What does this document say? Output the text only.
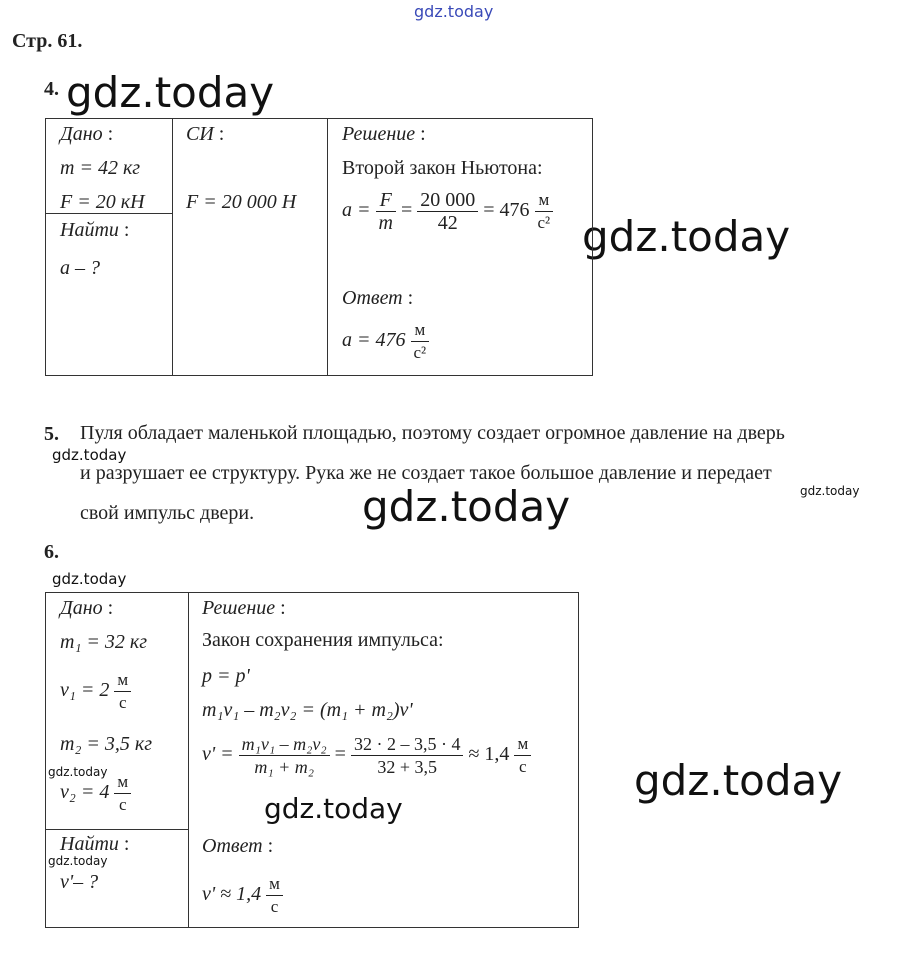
gdz.today
gdz.today
gdz.today
gdz.today
gdz.today
gdz.today
gdz.today
gdz.today
gdz.today
gdz.today
gdz.today
Стр. 61.
4.
Дано :
m = 42 кг
F = 20 кН
Найти :
a – ?
СИ :
F = 20 000 Н
Решение :
Второй закон Ньютона:
$a = \frac{F}{m} = \frac{20 000}{42} = 476 \frac{м}{\text{с²}}$
Ответ :
$a = 476 \frac{м}{\text{с²}}$
5. Пуля обладает маленькой площадью, поэтому создает огромное давление на дверь
и разрушает ее структуру. Рука же не создает такое большое давление и передает
свой импульс двери.
6.
Дано :
m₁ = 32 кг
$v_1 = 2 \frac{м}{с}$
m₂ = 3,5 кг
$v_2 = 4 \frac{м}{с}$
Найти :
v'– ?
Решение :
Закон сохранения импульса:
p = p'
m₁v₁ – m₂v₂ = (m₁ + m₂)v'
$v' = \frac{\text{m₁v₁ – m₂v₂}}{\text{m₁ + m₂}} = \frac{32 \cdot 2 - 3,5 \cdot 4}{32 + 3,5} \approx 1,4 \frac{м}{с}$
Ответ :
$v' \approx 1,4 \frac{м}{с}$
